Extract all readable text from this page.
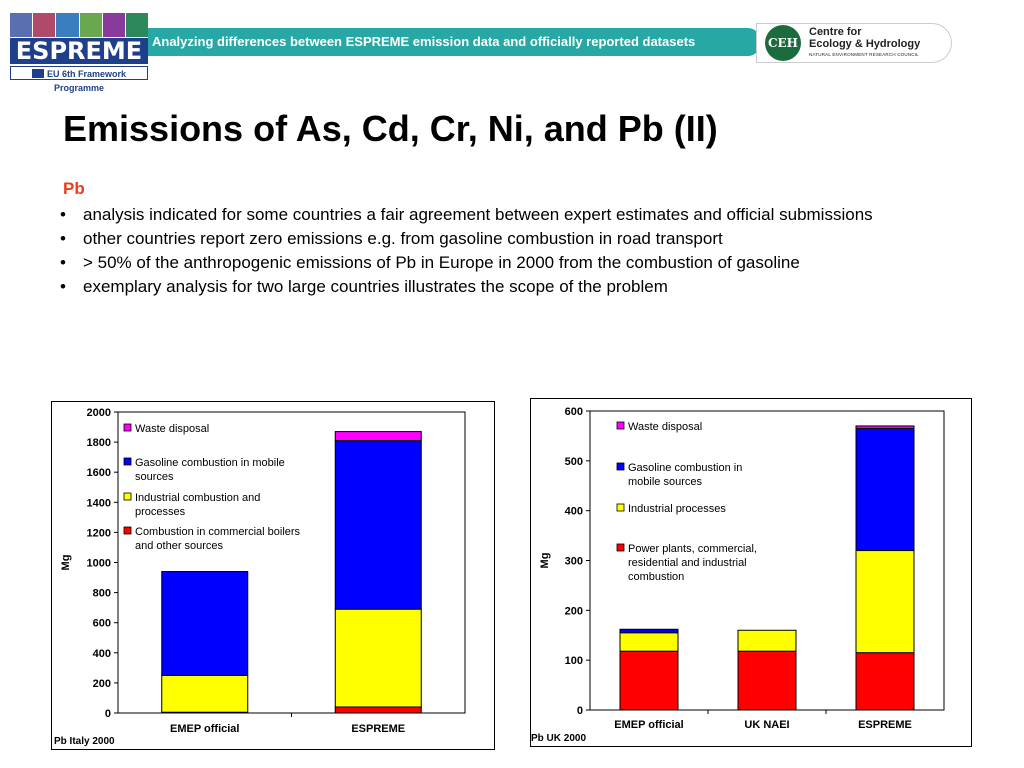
ESPREME
EU 6th Framework Programme
Analyzing differences between ESPREME emission data and officially reported datasets	CEH
Centre for
Ecology & Hydrology
NATURAL ENVIRONMENT RESEARCH COUNCIL
Emissions of As, Cd, Cr, Ni, and Pb (II)
Pb
• analysis indicated for some countries a fair agreement between expert estimates and official submissions
• other countries report zero emissions e.g. from gasoline combustion in road transport
• > 50% of the anthropogenic emissions of Pb in Europe in 2000 from the combustion of gasoline
• exemplary analysis for two large countries illustrates the scope of the problem
0
200
400
600
800
1000
1200
1400
1600
1800
2000
Mg
EMEP official	ESPREME
Waste disposal
Gasoline combustion in mobile sources
Industrial combustion and processes
Combustion in commercial boilers and other sources
Pb Italy 2000
0
100
200
300
400
500
600
Mg
EMEP official	UK NAEI	ESPREME
Waste disposal
Gasoline combustion in mobile sources
Industrial processes
Power plants, commercial, residential and industrial combustion
Pb UK 2000
